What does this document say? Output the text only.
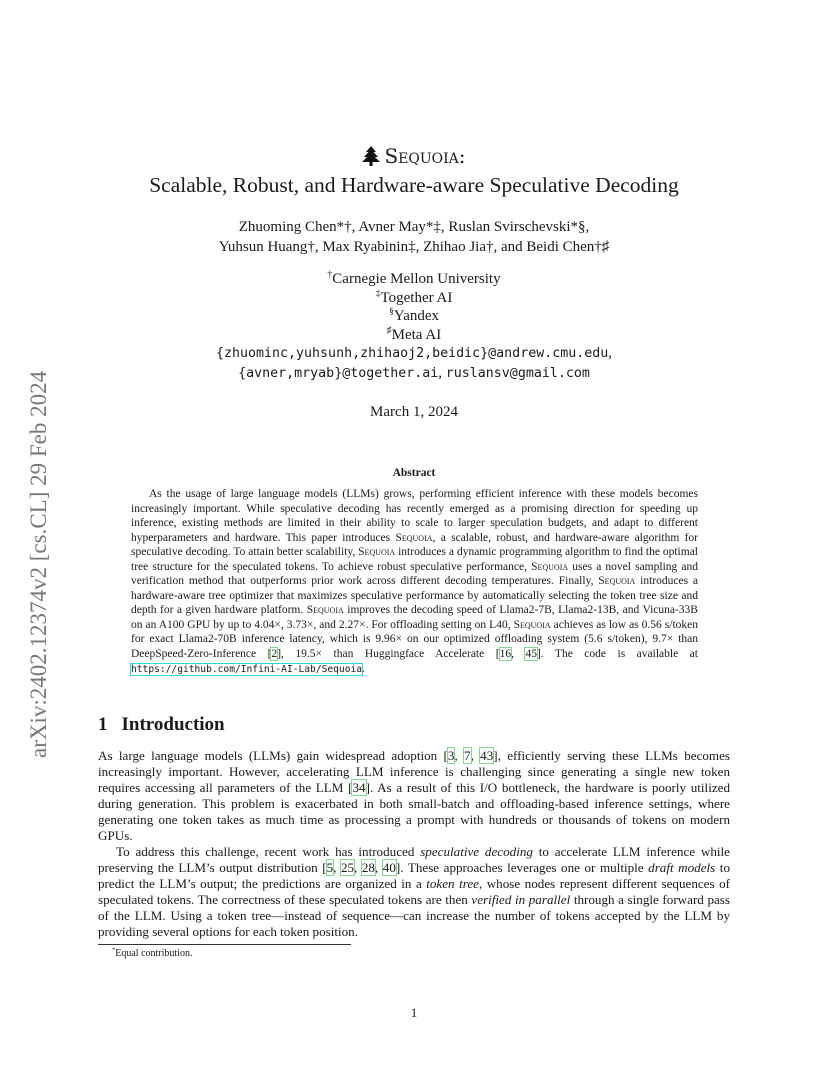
arXiv:2402.12374v2 [cs.CL] 29 Feb 2024
Sequoia:
Scalable, Robust, and Hardware-aware Speculative Decoding
Zhuoming Chen*†, Avner May*‡, Ruslan Svirschevski*§,
Yuhsun Huang†, Max Ryabinin‡, Zhihao Jia†, and Beidi Chen†♯
†Carnegie Mellon University
‡Together AI
§Yandex
♯Meta AI
{zhuominc,yuhsunh,zhihaoj2,beidic}@andrew.cmu.edu,
{avner,mryab}@together.ai, ruslansv@gmail.com
March 1, 2024
Abstract

As the usage of large language models (LLMs) grows, performing efficient inference with these models becomes increasingly important. While speculative decoding has recently emerged as a promising direction for speeding up inference, existing methods are limited in their ability to scale to larger speculation budgets, and adapt to different hyperparameters and hardware. This paper introduces Sequoia, a scalable, robust, and hardware-aware algorithm for speculative decoding. To attain better scalability, Sequoia introduces a dynamic programming algorithm to find the optimal tree structure for the speculated tokens. To achieve robust speculative performance, Sequoia uses a novel sampling and verification method that outperforms prior work across different decoding temperatures. Finally, Sequoia introduces a hardware-aware tree optimizer that maximizes speculative performance by automatically selecting the token tree size and depth for a given hardware platform. Sequoia improves the decoding speed of Llama2-7B, Llama2-13B, and Vicuna-33B on an A100 GPU by up to 4.04×, 3.73×, and 2.27×. For offloading setting on L40, Sequoia achieves as low as 0.56 s/token for exact Llama2-70B inference latency, which is 9.96× on our optimized offloading system (5.6 s/token), 9.7× than DeepSpeed-Zero-Inference [2], 19.5× than Huggingface Accelerate [16, 45]. The code is available at https://github.com/Infini-AI-Lab/Sequoia.

1 Introduction

As large language models (LLMs) gain widespread adoption [3, 7, 43], efficiently serving these LLMs becomes increasingly important. However, accelerating LLM inference is challenging since generating a single new token requires accessing all parameters of the LLM [34]. As a result of this I/O bottleneck, the hardware is poorly utilized during generation. This problem is exacerbated in both small-batch and offloading-based inference settings, where generating one token takes as much time as processing a prompt with hundreds or thousands of tokens on modern GPUs.

To address this challenge, recent work has introduced speculative decoding to accelerate LLM inference while preserving the LLM’s output distribution [5, 25, 28, 40]. These approaches leverages one or multiple draft models to predict the LLM’s output; the predictions are organized in a token tree, whose nodes represent different sequences of speculated tokens. The correctness of these speculated tokens are then verified in parallel through a single forward pass of the LLM. Using a token tree—instead of sequence—can increase the number of tokens accepted by the LLM by providing several options for each token position.

*Equal contribution.
1
